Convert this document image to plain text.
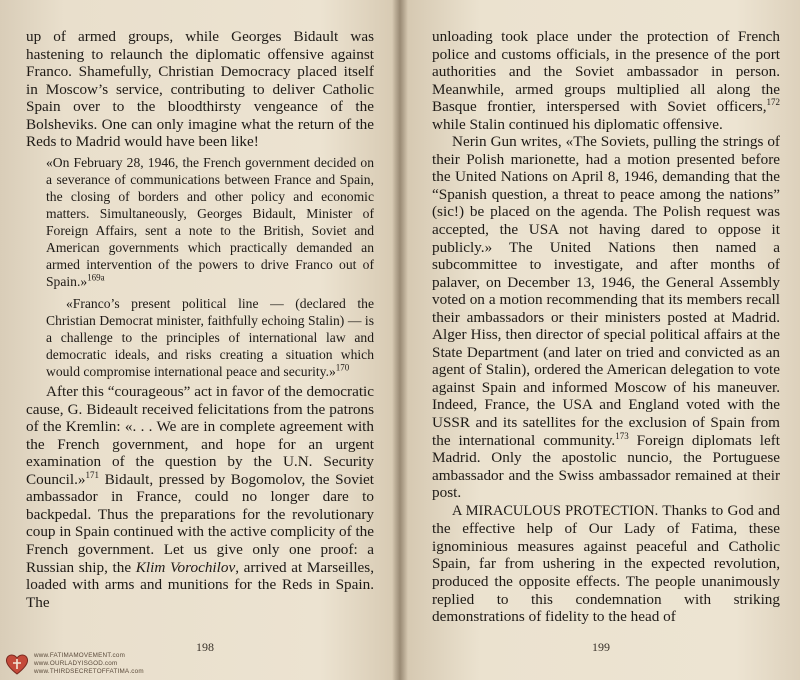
up of armed groups, while Georges Bidault was hastening to relaunch the diplomatic offensive against Franco. Shamefully, Christian Democracy placed itself in Moscow’s service, contributing to deliver Catholic Spain over to the bloodthirsty vengeance of the Bolsheviks. One can only imagine what the return of the Reds to Madrid would have been like!

«On February 28, 1946, the French government decided on a severance of communications between France and Spain, the closing of borders and other policy and economic matters. Simultaneously, Georges Bidault, Minister of Foreign Affairs, sent a note to the British, Soviet and American governments which practically demanded an armed intervention of the powers to drive Franco out of Spain.»$^{169a}$

«Franco’s present political line — (declared the Christian Democrat minister, faithfully echoing Stalin) — is a challenge to the principles of international law and democratic ideals, and risks creating a situation which would compromise international peace and security.»$^{170}$

After this “courageous” act in favor of the democratic cause, G. Bideault received felicitations from the patrons of the Kremlin: «. . . We are in complete agreement with the French government, and hope for an urgent examination of the question by the U.N. Security Council.»$^{171}$ Bidault, pressed by Bogomolov, the Soviet ambassador in France, could no longer dare to backpedal. Thus the preparations for the revolutionary coup in Spain continued with the active complicity of the French government. Let us give only one proof: a Russian ship, the Klim Vorochilov, arrived at Marseilles, loaded with arms and munitions for the Reds in Spain. The

unloading took place under the protection of French police and customs officials, in the presence of the port authorities and the Soviet ambassador in person. Meanwhile, armed groups multiplied all along the Basque frontier, interspersed with Soviet officers,$^{172}$ while Stalin continued his diplomatic offensive.

Nerin Gun writes, «The Soviets, pulling the strings of their Polish marionette, had a motion presented before the United Nations on April 8, 1946, demanding that the “Spanish question, a threat to peace among the nations” (sic!) be placed on the agenda. The Polish request was accepted, the USA not having dared to oppose it publicly.» The United Nations then named a subcommittee to investigate, and after months of palaver, on December 13, 1946, the General Assembly voted on a motion recommending that its members recall their ambassadors or their ministers posted at Madrid. Alger Hiss, then director of special political affairs at the State Department (and later on tried and convicted as an agent of Stalin), ordered the American delegation to vote against Spain and informed Moscow of his maneuver. Indeed, France, the USA and England voted with the USSR and its satellites for the exclusion of Spain from the international community.$^{173}$ Foreign diplomats left Madrid. Only the apostolic nuncio, the Portuguese ambassador and the Swiss ambassador remained at their post.

A MIRACULOUS PROTECTION. Thanks to God and the effective help of Our Lady of Fatima, these ignominious measures against peaceful and Catholic Spain, far from ushering in the expected revolution, produced the opposite effects. The people unanimously replied to this condemnation with striking demonstrations of fidelity to the head of

198	199
www.FATIMAMOVEMENT.com
www.OURLADYISGOD.com
www.THIRDSECRETOFFATIMA.com
